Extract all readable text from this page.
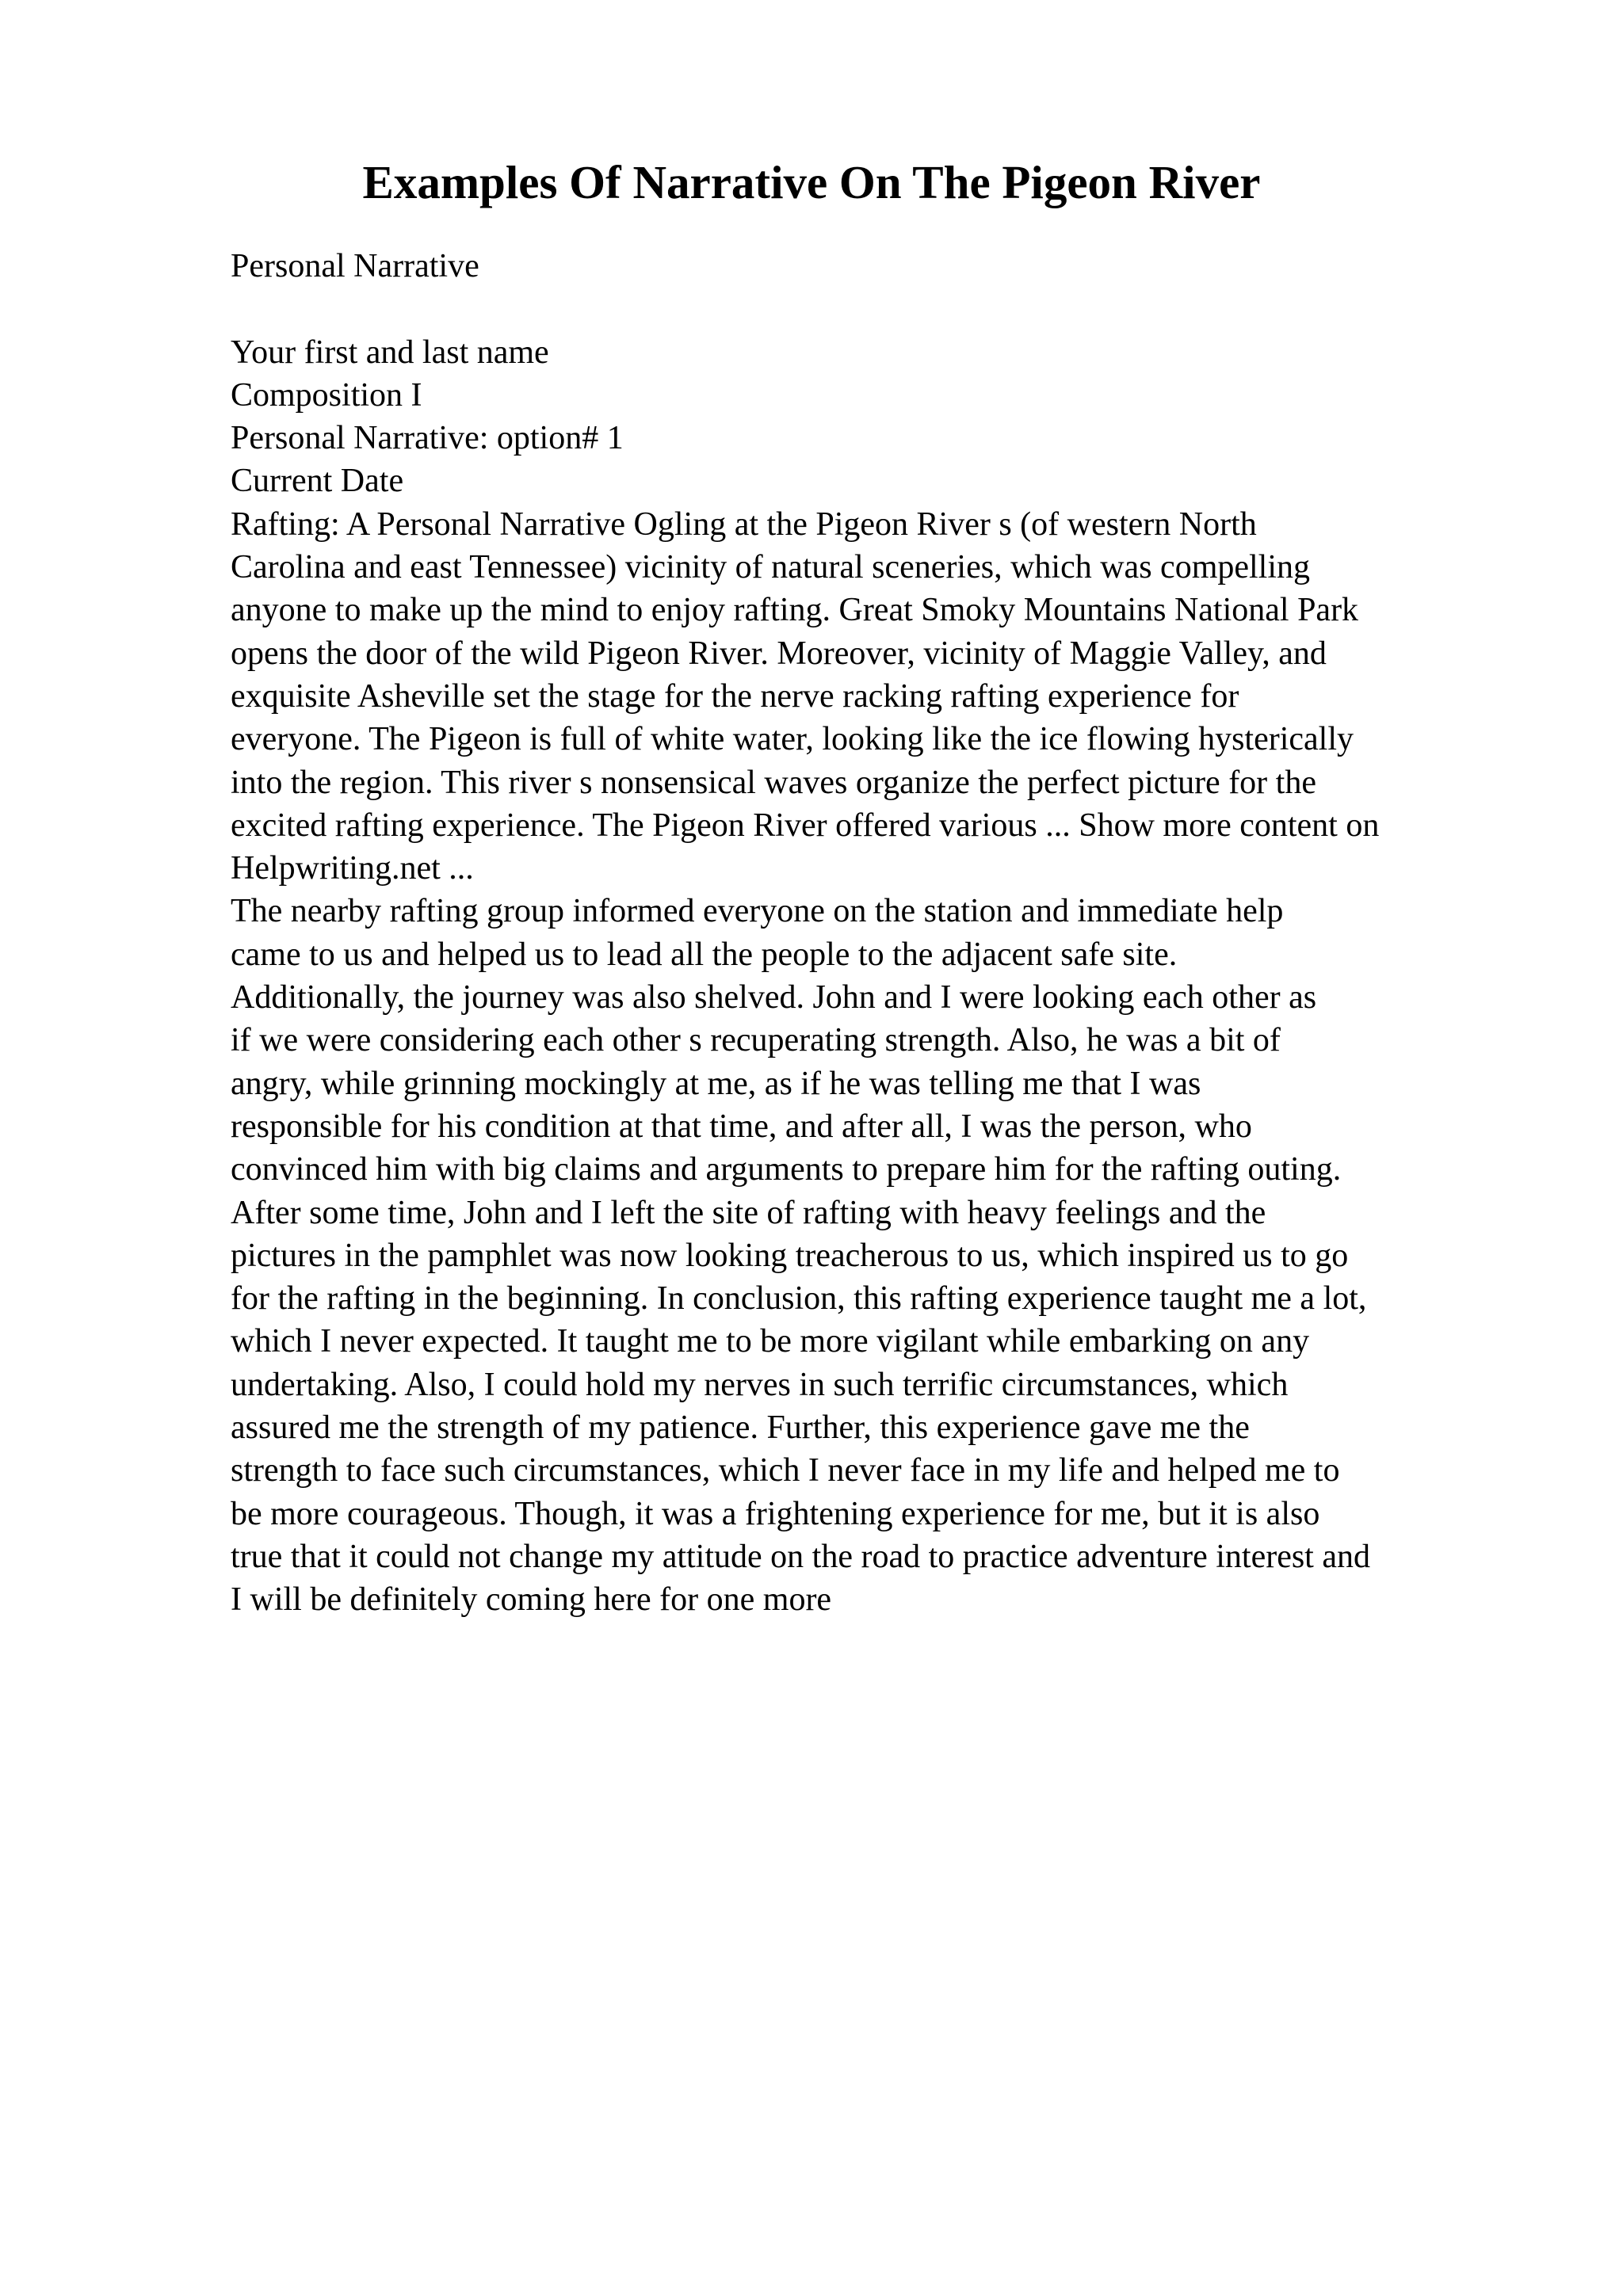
Examples Of Narrative On The Pigeon River
Personal Narrative
Your first and last name
Composition I
Personal Narrative: option# 1
Current Date
Rafting: A Personal Narrative Ogling at the Pigeon River s (of western North
Carolina and east Tennessee) vicinity of natural sceneries, which was compelling
anyone to make up the mind to enjoy rafting. Great Smoky Mountains National Park
opens the door of the wild Pigeon River. Moreover, vicinity of Maggie Valley, and
exquisite Asheville set the stage for the nerve racking rafting experience for
everyone. The Pigeon is full of white water, looking like the ice flowing hysterically
into the region. This river s nonsensical waves organize the perfect picture for the
excited rafting experience. The Pigeon River offered various ... Show more content on
Helpwriting.net ...
The nearby rafting group informed everyone on the station and immediate help
came to us and helped us to lead all the people to the adjacent safe site.
Additionally, the journey was also shelved. John and I were looking each other as
if we were considering each other s recuperating strength. Also, he was a bit of
angry, while grinning mockingly at me, as if he was telling me that I was
responsible for his condition at that time, and after all, I was the person, who
convinced him with big claims and arguments to prepare him for the rafting outing.
After some time, John and I left the site of rafting with heavy feelings and the
pictures in the pamphlet was now looking treacherous to us, which inspired us to go
for the rafting in the beginning. In conclusion, this rafting experience taught me a lot,
which I never expected. It taught me to be more vigilant while embarking on any
undertaking. Also, I could hold my nerves in such terrific circumstances, which
assured me the strength of my patience. Further, this experience gave me the
strength to face such circumstances, which I never face in my life and helped me to
be more courageous. Though, it was a frightening experience for me, but it is also
true that it could not change my attitude on the road to practice adventure interest and
I will be definitely coming here for one more
